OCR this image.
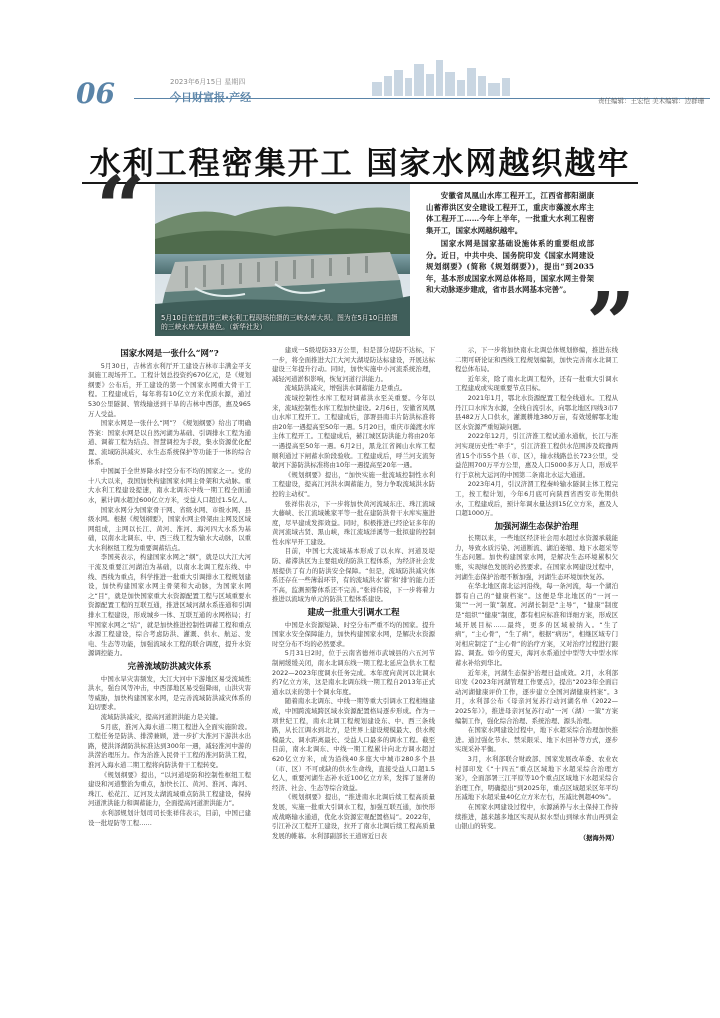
06	2023年6月15日 星期四
今日财富报·产经	责任编辑：王宏恺 美术编辑：边群珊
水利工程密集开工 国家水网越织越牢
“
”
5月10日在宜昌市三峡水利工程现场拍摄的三峡水库大坝。图为在5月10日拍摄的三峡水库大坝景色。（新华社发）

安徽省凤凰山水库工程开工，江西省都阳湖康山蓄滞洪区安全建设工程开工，重庆市藻渡水库主体工程开工……今年上半年，一批重大水利工程密集开工，国家水网越织越牢。

国家水网是国家基础设施体系的重要组成部分。近日，中共中央、国务院印发《国家水网建设规划纲要》(简称《规划纲要》)，提出“到2035年，基本形成国家水网总体格局，国家水网主骨架和大动脉逐步建成，省市县水网基本完善”。

国家水网是一张什么“网”?

5月30日，吉林省水利厅开工建设吉林市丰满金平支洞施工现场开工。工程计划总投资约670亿元，是《规划纲要》公布后，开工建设的第一个国家水网重大骨干工程。工程建成后，每年将有10亿立方米优质水源，通过530公里隧洞、管线输送到干旱的吉林中西部，惠及965万人受益。

国家水网是一张什么“网”？《规划纲要》给出了明确答案：国家水网是以自然河湖为基础、引调排水工程为通道、调蓄工程为结点、智慧调控为手段，集水资源优化配置、流域防洪减灾、水生态系统保护等功能于一体的综合体系。

中国属于全世界降水时空分布不均的国家之一。党的十八大以来，我国加快构建国家水网主骨架和大动脉。重大水利工程建设提速，南水北调东中线一期工程全面通水，累计调水超过600亿立方米，受益人口超过1.5亿人。

国家水网分为国家骨干网、省级水网、市级水网、县级水网。根据《规划纲要》，国家水网主骨架由主网及区域网组成，主网以长江、黄河、淮河、海河四大水系为基础，以南水北调东、中、西三线工程为输水大动脉，以重大水利枢纽工程为重要调蓄结点。

李国英表示，构建国家水网之“纲”，就是以大江大河干流及重要江河湖泊为基础，以南水北调工程东线、中线、西线为重点，科学推进一批重大引调排水工程规划建设，加快构建国家水网主骨架和大动脉，为国家水网之“目”，就是加快国家重大水资源配置工程与区域重要水资源配置工程的互联互通，推进区域河湖水系连通和引调排水工程建设，形成城乡一体、互联互通的水网格局；打牢国家水网之“结”，就是加快推进控制性调蓄工程和重点水源工程建设，综合考虑防洪、灌溉、供水、航运、发电、生态等功能，加强流域水工程的联合调度，提升水资源调控能力。

完善流域防洪减灾体系

中国水旱灾害频发，大江大河中下游地区易受流域性洪水，强台风等冲击，中西部地区易受强降雨，山洪灾害等威胁，加快构建国家水网，是完善流域防洪减灾体系的迫切要求。

流域防洪减灾，提高河道泄洪能力是关键。

5月底，淮河入海水道二期工程进入全面实施阶段。工程任务是防洪、排涝兼顾，进一步扩大淮河下游洪水出路，使洪泽湖防洪标准达到300年一遇，减轻淮河中游的洪涝治理压力。作为治淮入民骨干工程的淮河防洪工程，淮河入海水道二期工程将向防洪骨干工程转变。

《规划纲要》提出，“以河道堤防和控制性枢纽工程建设和河道整治为重点，加快长江、黄河、淮河、海河、珠江、松花江、辽河及太湖流域重点防洪工程建设，保持河道泄洪能力和调蓄能力，全面提高河道泄洪能力”。

水利部规划计划司司长张祥伟表示，目前，中国已建设一批堤防等工程……

建成一5级堤防33万公里，但是部分堤防不达标，下一步，将全面推进大江大河大湖堤防达标建设，开展达标建设三年提升行动。同时，加快实施中小河流系统治理，减轻河道淤积影响，恢复河道行洪能力。

流域防洪减灾，增强洪水调蓄能力是重点。

流域控制性水库工程对调蓄洪水至关重要。今年以来，流域控制性水库工程加快建设。2月6日，安徽省凤凰山水库工程开工。工程建成后，部署县南丰片防洪标准将由20年一遇提高至50年一遇。5月20日，重庆市藻渡水库主体工程开工。工程建成后，綦江城区防洪能力将由20年一遇提高至50年一遇。6月2日，黑龙江省阁山水库工程顺利通过下闸蓄水阶段验收。工程建成后，呼兰河支流努敏河下游防洪标准将由10年一遇提高至20年一遇。

《规划纲要》提出，“加快实施一批流域控制性水利工程建设，提高江河洪水调蓄能力，努力争取流域洪水防控的主动权”。

张祥伟表示，下一步将加快黄河流域东庄、珠江流域大藤峡、长江流域姚家平等一批在建防洪骨干水库实施进度，尽早建成发挥效益。同时，积极推进已经论证多年的黄河流域古贤、黑山峡，珠江流域洋溪等一批拟建的控制性水库早开工建设。

目前，中国七大流域基本形成了以水库、河道及堤防、蓄滞洪区为主要组成的防洪工程体系，为经济社会发展提供了有力的防洪安全保障。“但是，流域防洪减灾体系还存在一些薄弱环节，有的流域洪水‘蓄’和‘排’的能力还不高，监测预警体系还不完善。”张祥伟说，下一步将着力推进以流域为单元的防洪工程体系建设。

建成一批重大引调水工程

中国是水资源短缺、时空分布严重不均的国家。提升国家水安全保障能力，加快构建国家水网，是解决水资源时空分布不均的必然要求。

5月31日2时，位于云南省德州市武城县的六五河节制闸缓缓关闭，南水北调东线一期工程北延应急供水工程2022—2023年度调水任务完成。本年度向黄河以北调水约7亿立方米，这是南水北调东线一期工程自2013年正式通水以来的第十个调水年度。

随着南水北调东、中线一期等重大引调水工程相继建成，中国跨流域跨区域水资源配置格局逐步形成。作为一项世纪工程，南水北调工程规划建设东、中、西三条线路，从长江调水到北方，是世界上建设规模最大、供水规模最大、调水距离最长、受益人口最多的调水工程。截至目前，南水北调东、中线一期工程累计向北方调水超过620亿立方米，成为沿线40多座大中城市280多个县（市、区）不可或缺的供水生命线，直接受益人口超1.5亿人，重要河湖生态补水近100亿立方米，发挥了显著的经济、社会、生态等综合效益。

《规划纲要》提出，“推进南水北调后续工程高质量发展，实施一批重大引调水工程，加强互联互通，加快形成战略输水通道，优化水资源宏观配置格局”。2022年，引江补汉工程开工建设，拉开了南水北调后续工程高质量发展的帷幕。水利部副部长王道席近日表

示，下一步将加快南水北调总体规划修编，推进东线二期可研论证和西线工程规划编制，加快完善南水北调工程总体布局。

近年来，除了南水北调工程外，还有一批重大引调水工程建成或实现重要节点目标。

2021年1月，鄂北水资源配置工程全线通水。工程从丹江口水库为水源，全线自流引水，向鄂北地区四线3市7县482万人口供水，灌溉耕地380万亩，有效缓解鄂北地区水资源严重短缺问题。

2022年12月，引江济淮工程试通水通航，长江与淮河实现历史性“牵手”，引江济淮工程供水范围涉及皖豫两省15个市55个县（市、区），输水线路总长723公里，受益范围700万平方公里，惠及人口5000多万人口，形成平行于京杭大运河的中国第二条南北水运大通道。

2023年4月，引汉济渭工程秦岭输水隧洞主体工程完工，按工程计划，今年6月底可向陕西省西安市先期供水，工程建成后，预计年调水量达到15亿立方米，惠及人口超1000万。

加强河湖生态保护治理

长期以来，一些地区经济社会用水超过水资源承载能力，导致水质污染、河道断流、湖泊萎缩、地下水超采等生态问题。加快构建国家水网，是解决生态环境累积欠账，实现绿色发展的必然要求。在国家水网建设过程中，河湖生态保护治理不断加强，河湖生态环境加快复苏。

在华北地区南北运河沿线，每一条河流，每一个湖泊都有自己的“健康档案”。这便是华北地区的“一河一策”“一河一策”制度。河湖长制是“主导”，“健康”制度是“组织”“健康”制度，都有相应标准和详细方案，形成区域开展目标……最终，更多的区域被纳入。“生了病”，“主心骨”，“生了病”，根据“病历”，相继区域专门对相应制定了“主心骨”的治疗方案，又对治疗过程进行跟踪、调查。如今的夏天，海河水系通过中型等大中型水库蓄水补给到华北。

近年来，河湖生态保护治理日益成效。2月，水利部印发《2023年河湖管理工作要点》，提出“2023年全面启动河湖健康评价工作，逐步建立全国河湖健康档案”。3月，水利部公布《母亲河复苏行动河湖名单（2022—2025年）》，推进母亲河复苏行动“一河（湖）一策”方案编制工作，强化综合治理、系统治理、源头治理。

在国家水网建设过程中，地下水超采综合治理加快推进。通过强化节水、禁采限采、地下水回补等方式，逐步实现采补平衡。

3月，水利部联合财政部、国家发展改革委、农业农村部印发《“十四五”重点区域地下水超采综合治理方案》，全面部署三江平原等10个重点区域地下水超采综合治理工作，明确提出“到2025年，重点区域超采区年平均压减地下水超采量40亿立方米左右，压减比例超40%”。

在国家水网建设过程中，水源涵养与水土保持工作持续推进，越来越多地区实现从拟水型山到绿水青山再到金山银山的转变。

（据海外网）
